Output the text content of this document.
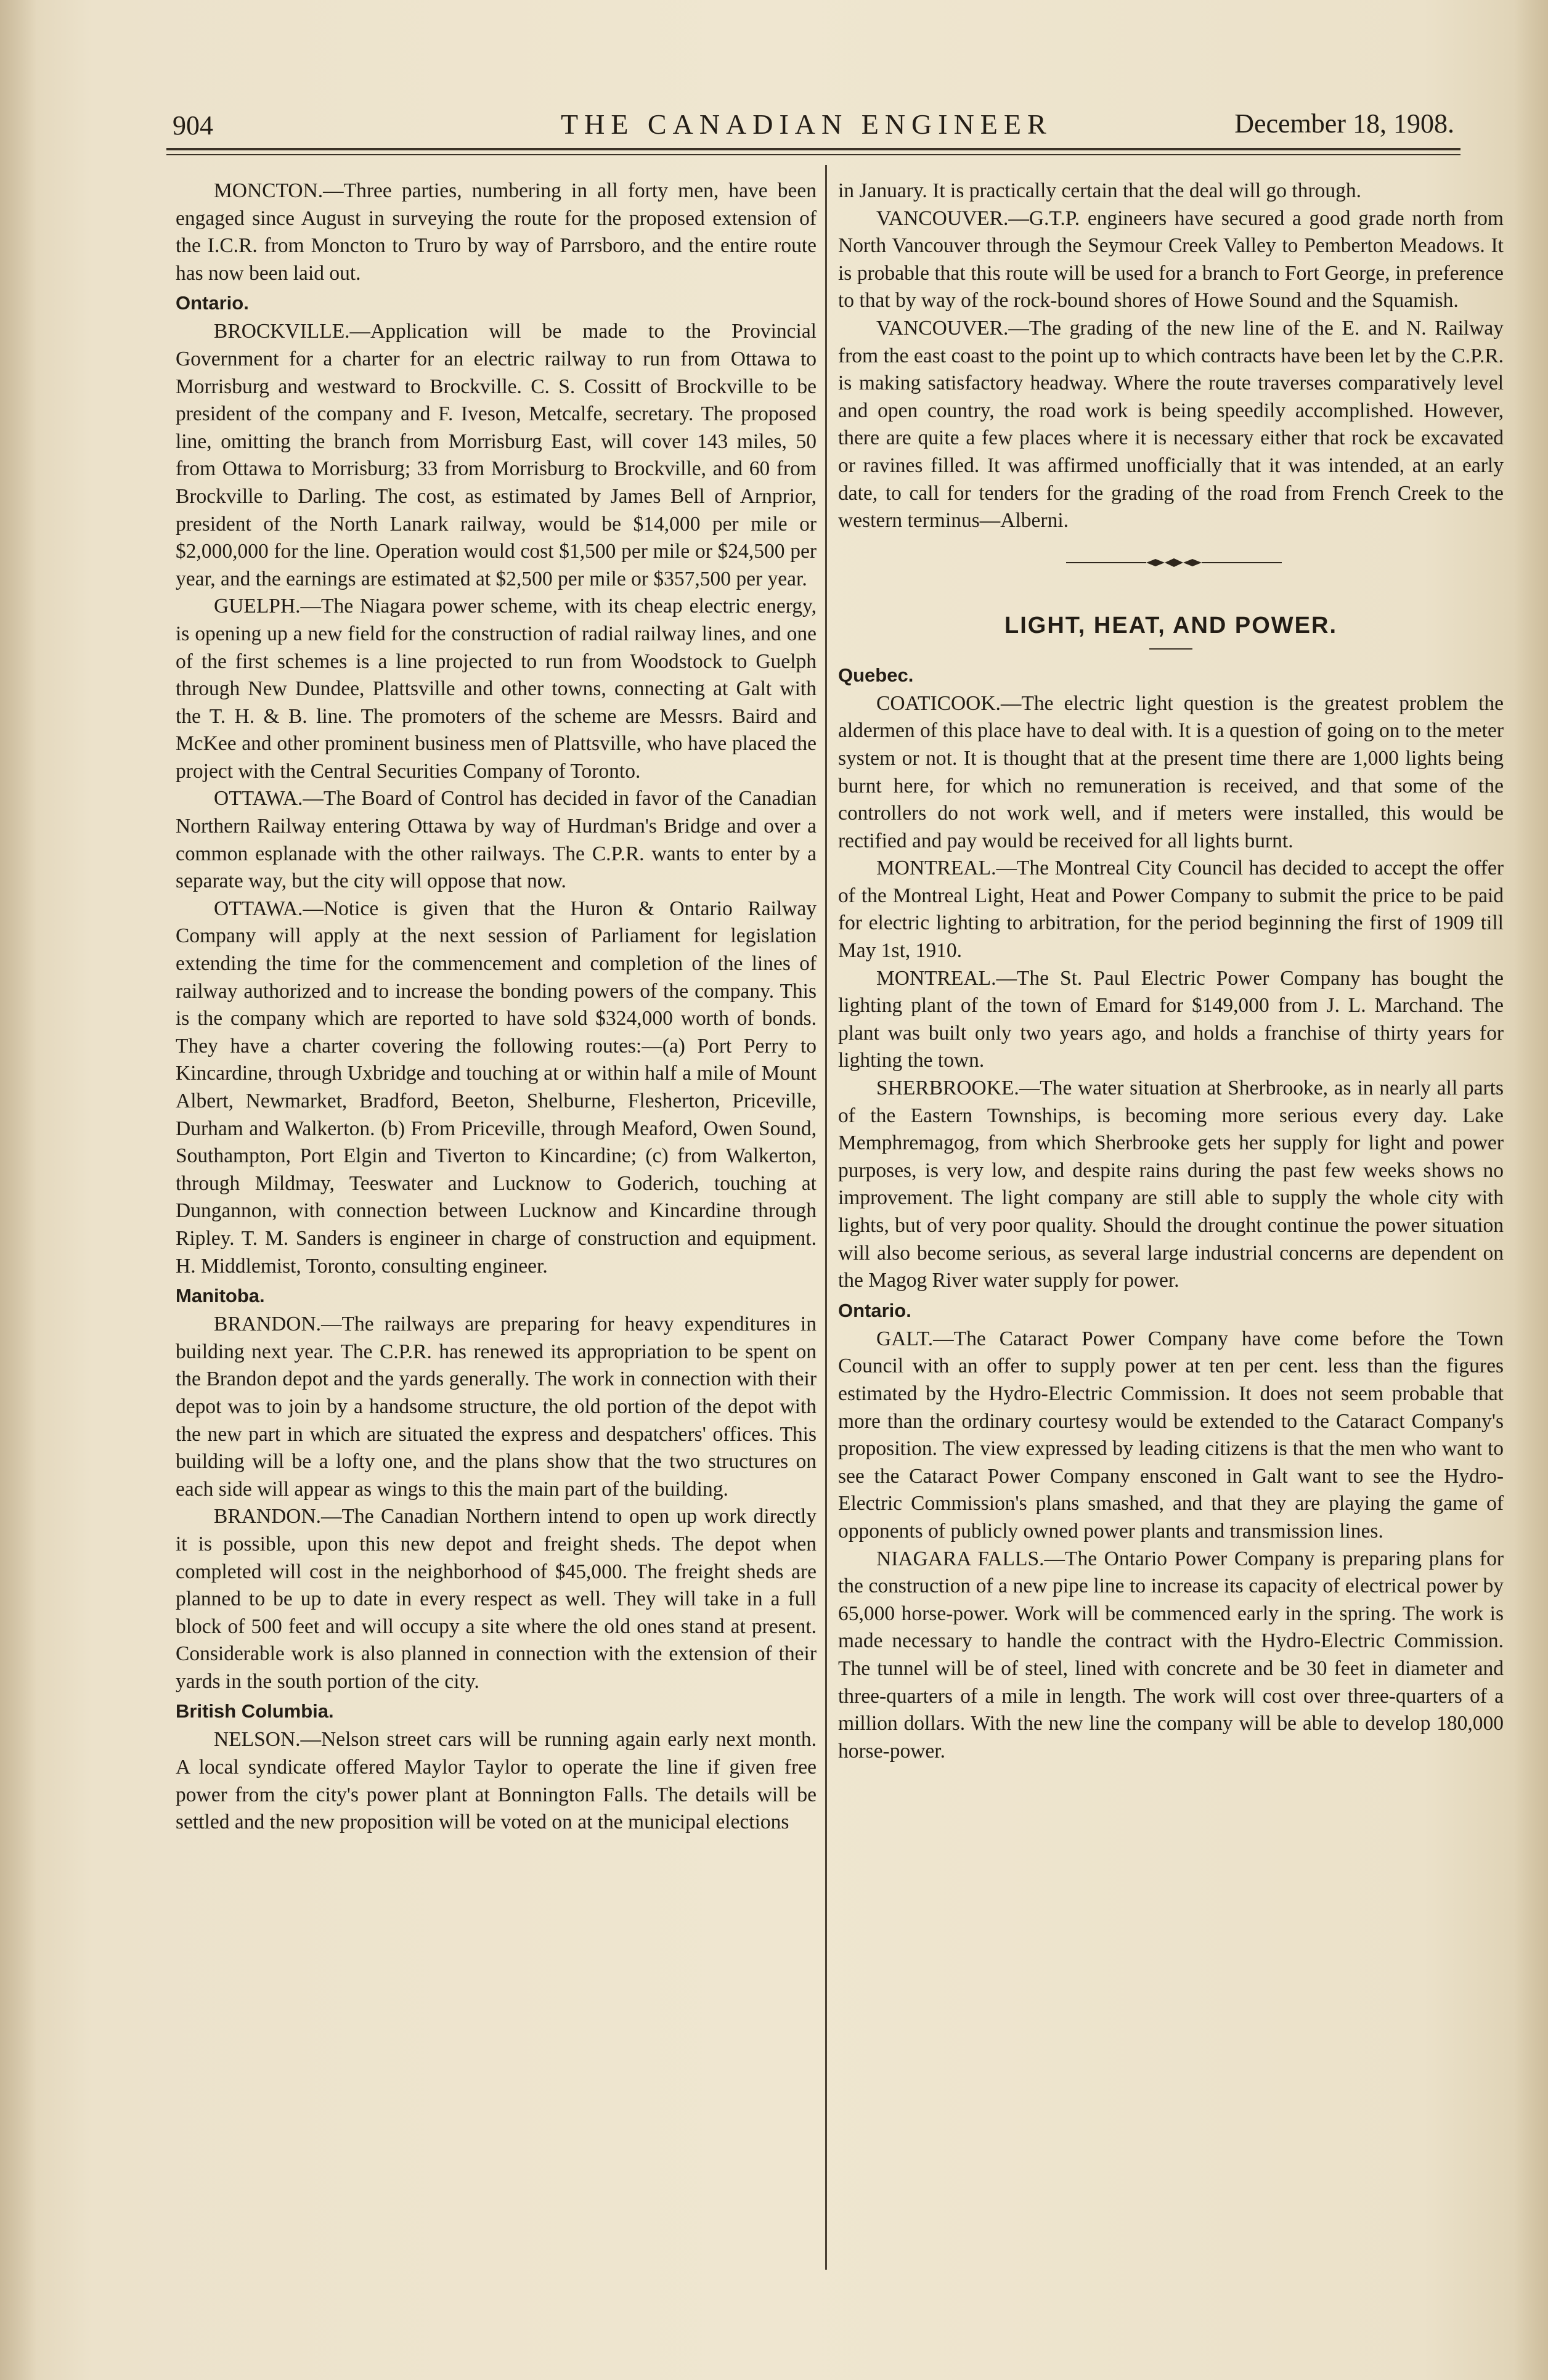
904	THE CANADIAN ENGINEER	December 18, 1908.

MONCTON.—Three parties, numbering in all forty men, have been engaged since August in surveying the route for the proposed extension of the I.C.R. from Moncton to Truro by way of Parrsboro, and the entire route has now been laid out.

Ontario.

BROCKVILLE.—Application will be made to the Provincial Government for a charter for an electric railway to run from Ottawa to Morrisburg and westward to Brockville. C. S. Cossitt of Brockville to be president of the company and F. Iveson, Metcalfe, secretary. The proposed line, omitting the branch from Morrisburg East, will cover 143 miles, 50 from Ottawa to Morrisburg; 33 from Morrisburg to Brockville, and 60 from Brockville to Darling. The cost, as estimated by James Bell of Arnprior, president of the North Lanark railway, would be $14,000 per mile or $2,000,000 for the line. Operation would cost $1,500 per mile or $24,500 per year, and the earnings are estimated at $2,500 per mile or $357,500 per year.

GUELPH.—The Niagara power scheme, with its cheap electric energy, is opening up a new field for the construction of radial railway lines, and one of the first schemes is a line projected to run from Woodstock to Guelph through New Dundee, Plattsville and other towns, connecting at Galt with the T. H. & B. line. The promoters of the scheme are Messrs. Baird and McKee and other prominent business men of Plattsville, who have placed the project with the Central Securities Company of Toronto.

OTTAWA.—The Board of Control has decided in favor of the Canadian Northern Railway entering Ottawa by way of Hurdman's Bridge and over a common esplanade with the other railways. The C.P.R. wants to enter by a separate way, but the city will oppose that now.

OTTAWA.—Notice is given that the Huron & Ontario Railway Company will apply at the next session of Parliament for legislation extending the time for the commencement and completion of the lines of railway authorized and to increase the bonding powers of the company. This is the company which are reported to have sold $324,000 worth of bonds. They have a charter covering the following routes:—(a) Port Perry to Kincardine, through Uxbridge and touching at or within half a mile of Mount Albert, Newmarket, Bradford, Beeton, Shelburne, Flesherton, Priceville, Durham and Walkerton. (b) From Priceville, through Meaford, Owen Sound, Southampton, Port Elgin and Tiverton to Kincardine; (c) from Walkerton, through Mildmay, Teeswater and Lucknow to Goderich, touching at Dungannon, with connection between Lucknow and Kincardine through Ripley. T. M. Sanders is engineer in charge of construction and equipment. H. Middlemist, Toronto, consulting engineer.

Manitoba.

BRANDON.—The railways are preparing for heavy expenditures in building next year. The C.P.R. has renewed its appropriation to be spent on the Brandon depot and the yards generally. The work in connection with their depot was to join by a handsome structure, the old portion of the depot with the new part in which are situated the express and despatchers' offices. This building will be a lofty one, and the plans show that the two structures on each side will appear as wings to this the main part of the building.

BRANDON.—The Canadian Northern intend to open up work directly it is possible, upon this new depot and freight sheds. The depot when completed will cost in the neighborhood of $45,000. The freight sheds are planned to be up to date in every respect as well. They will take in a full block of 500 feet and will occupy a site where the old ones stand at present. Considerable work is also planned in connection with the extension of their yards in the south portion of the city.

British Columbia.

NELSON.—Nelson street cars will be running again early next month. A local syndicate offered Maylor Taylor to operate the line if given free power from the city's power plant at Bonnington Falls. The details will be settled and the new proposition will be voted on at the municipal elections

in January. It is practically certain that the deal will go through.

VANCOUVER.—G.T.P. engineers have secured a good grade north from North Vancouver through the Seymour Creek Valley to Pemberton Meadows. It is probable that this route will be used for a branch to Fort George, in preference to that by way of the rock-bound shores of Howe Sound and the Squamish.

VANCOUVER.—The grading of the new line of the E. and N. Railway from the east coast to the point up to which contracts have been let by the C.P.R. is making satisfactory headway. Where the route traverses comparatively level and open country, the road work is being speedily accomplished. However, there are quite a few places where it is necessary either that rock be excavated or ravines filled. It was affirmed unofficially that it was intended, at an early date, to call for tenders for the grading of the road from French Creek to the western terminus—Alberni.

LIGHT, HEAT, AND POWER.
Quebec.

COATICOOK.—The electric light question is the greatest problem the aldermen of this place have to deal with. It is a question of going on to the meter system or not. It is thought that at the present time there are 1,000 lights being burnt here, for which no remuneration is received, and that some of the controllers do not work well, and if meters were installed, this would be rectified and pay would be received for all lights burnt.

MONTREAL.—The Montreal City Council has decided to accept the offer of the Montreal Light, Heat and Power Company to submit the price to be paid for electric lighting to arbitration, for the period beginning the first of 1909 till May 1st, 1910.

MONTREAL.—The St. Paul Electric Power Company has bought the lighting plant of the town of Emard for $149,000 from J. L. Marchand. The plant was built only two years ago, and holds a franchise of thirty years for lighting the town.

SHERBROOKE.—The water situation at Sherbrooke, as in nearly all parts of the Eastern Townships, is becoming more serious every day. Lake Memphremagog, from which Sherbrooke gets her supply for light and power purposes, is very low, and despite rains during the past few weeks shows no improvement. The light company are still able to supply the whole city with lights, but of very poor quality. Should the drought continue the power situation will also become serious, as several large industrial concerns are dependent on the Magog River water supply for power.

Ontario.

GALT.—The Cataract Power Company have come before the Town Council with an offer to supply power at ten per cent. less than the figures estimated by the Hydro-Electric Commission. It does not seem probable that more than the ordinary courtesy would be extended to the Cataract Company's proposition. The view expressed by leading citizens is that the men who want to see the Cataract Power Company ensconed in Galt want to see the Hydro-Electric Commission's plans smashed, and that they are playing the game of opponents of publicly owned power plants and transmission lines.

NIAGARA FALLS.—The Ontario Power Company is preparing plans for the construction of a new pipe line to increase its capacity of electrical power by 65,000 horse-power. Work will be commenced early in the spring. The work is made necessary to handle the contract with the Hydro-Electric Commission. The tunnel will be of steel, lined with concrete and be 30 feet in diameter and three-quarters of a mile in length. The work will cost over three-quarters of a million dollars. With the new line the company will be able to develop 180,000 horse-power.
